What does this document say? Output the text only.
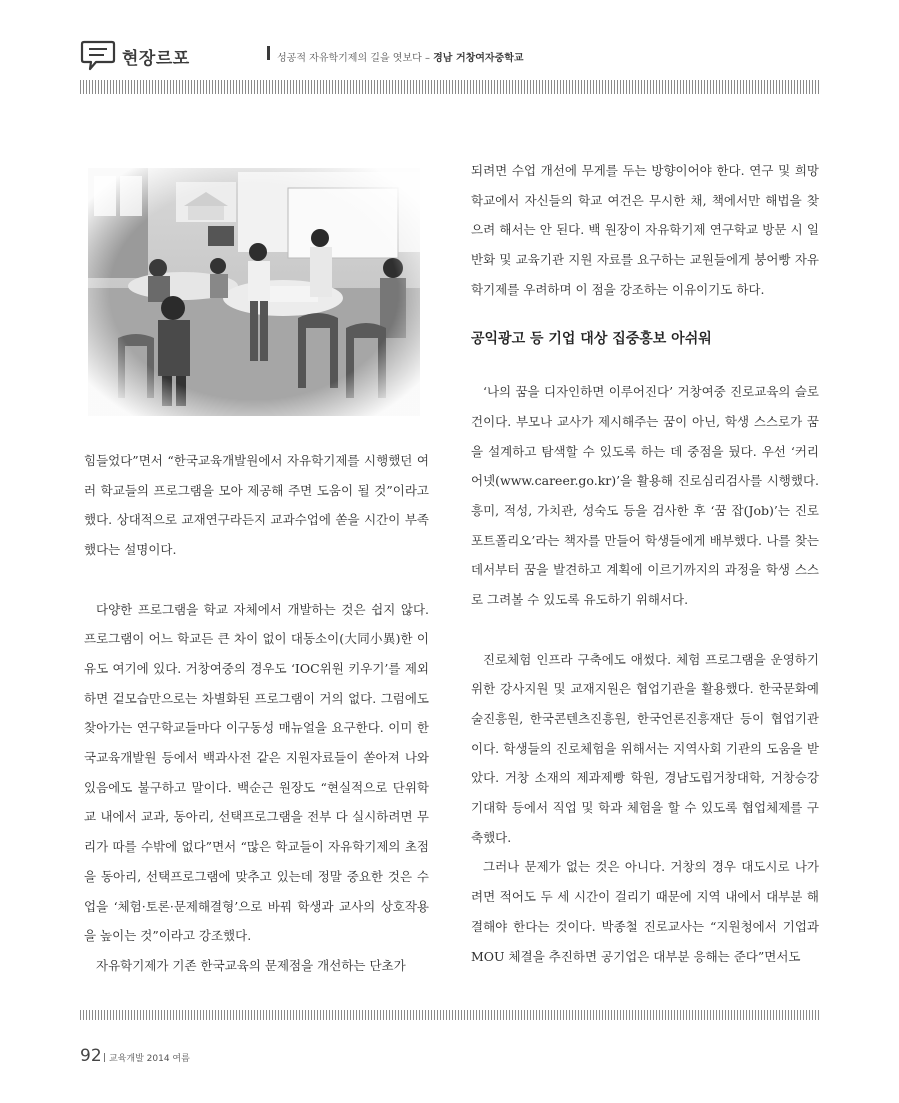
현장르포	성공적 자유학기제의 길을 엿보다 – 경남 거창여자중학교

힘들었다”면서 “한국교육개발원에서 자유학기제를 시행했던 여러 학교들의 프로그램을 모아 제공해 주면 도움이 될 것”이라고 했다. 상대적으로 교재연구라든지 교과수업에 쏟을 시간이 부족했다는 설명이다.

다양한 프로그램을 학교 자체에서 개발하는 것은 쉽지 않다. 프로그램이 어느 학교든 큰 차이 없이 대동소이(大同小異)한 이유도 여기에 있다. 거창여중의 경우도 ‘IOC위원 키우기’를 제외하면 겉모습만으로는 차별화된 프로그램이 거의 없다. 그럼에도 찾아가는 연구학교들마다 이구동성 매뉴얼을 요구한다. 이미 한국교육개발원 등에서 백과사전 같은 지원자료들이 쏟아져 나와 있음에도 불구하고 말이다. 백순근 원장도 “현실적으로 단위학교 내에서 교과, 동아리, 선택프로그램을 전부 다 실시하려면 무리가 따를 수밖에 없다”면서 “많은 학교들이 자유학기제의 초점을 동아리, 선택프로그램에 맞추고 있는데 정말 중요한 것은 수업을 ‘체험·토론·문제해결형’으로 바꿔 학생과 교사의 상호작용을 높이는 것”이라고 강조했다.

자유학기제가 기존 한국교육의 문제점을 개선하는 단초가

되려면 수업 개선에 무게를 두는 방향이어야 한다. 연구 및 희망학교에서 자신들의 학교 여건은 무시한 채, 책에서만 해법을 찾으려 해서는 안 된다. 백 원장이 자유학기제 연구학교 방문 시 일반화 및 교육기관 지원 자료를 요구하는 교원들에게 붕어빵 자유학기제를 우려하며 이 점을 강조하는 이유이기도 하다.

공익광고 등 기업 대상 집중홍보 아쉬워

‘나의 꿈을 디자인하면 이루어진다’ 거창여중 진로교육의 슬로건이다. 부모나 교사가 제시해주는 꿈이 아닌, 학생 스스로가 꿈을 설계하고 탐색할 수 있도록 하는 데 중점을 뒀다. 우선 ‘커리어넷(www.career.go.kr)’을 활용해 진로심리검사를 시행했다. 흥미, 적성, 가치관, 성숙도 등을 검사한 후 ‘꿈 잡(Job)’는 진로 포트폴리오’라는 책자를 만들어 학생들에게 배부했다. 나를 찾는 데서부터 꿈을 발견하고 계획에 이르기까지의 과정을 학생 스스로 그려볼 수 있도록 유도하기 위해서다.

진로체험 인프라 구축에도 애썼다. 체험 프로그램을 운영하기 위한 강사지원 및 교재지원은 협업기관을 활용했다. 한국문화예술진흥원, 한국콘텐츠진흥원, 한국언론진흥재단 등이 협업기관이다. 학생들의 진로체험을 위해서는 지역사회 기관의 도움을 받았다. 거창 소재의 제과제빵 학원, 경남도립거창대학, 거창승강기대학 등에서 직업 및 학과 체험을 할 수 있도록 협업체제를 구축했다.

그러나 문제가 없는 것은 아니다. 거창의 경우 대도시로 나가려면 적어도 두 세 시간이 걸리기 때문에 지역 내에서 대부분 해결해야 한다는 것이다. 박종철 진로교사는 “지원청에서 기업과 MOU 체결을 추진하면 공기업은 대부분 응해는 준다”면서도

92 교육개발 2014 여름
